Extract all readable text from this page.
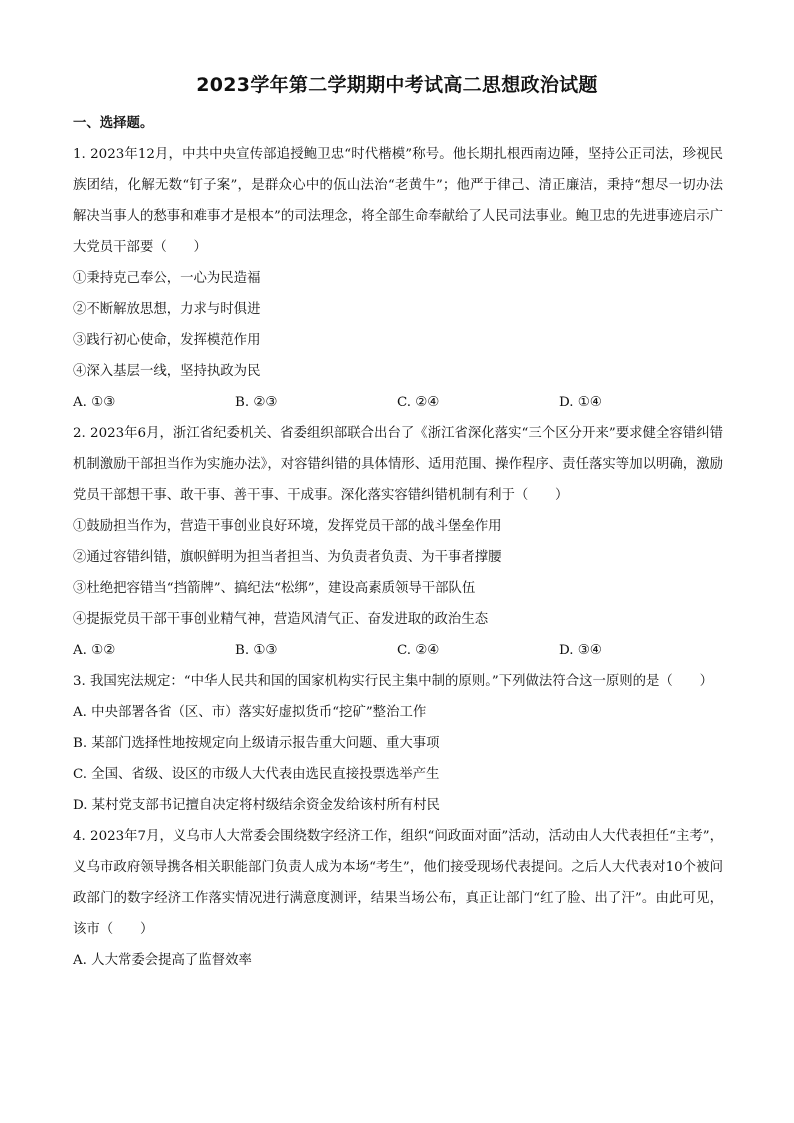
2023学年第二学期期中考试高二思想政治试题
一、选择题。
1. 2023年12月，中共中央宣传部追授鲍卫忠“时代楷模”称号。他长期扎根西南边陲，坚持公正司法，珍视民族团结，化解无数“钉子案”，是群众心中的佤山法治“老黄牛”；他严于律己、清正廉洁，秉持“想尽一切办法解决当事人的愁事和难事才是根本”的司法理念，将全部生命奉献给了人民司法事业。鲍卫忠的先进事迹启示广大党员干部要（　　）
①秉持克己奉公，一心为民造福
②不断解放思想，力求与时俱进
③践行初心使命，发挥模范作用
④深入基层一线，坚持执政为民
A. ①③	B. ②③	C. ②④	D. ①④
2. 2023年6月，浙江省纪委机关、省委组织部联合出台了《浙江省深化落实“三个区分开来”要求健全容错纠错机制激励干部担当作为实施办法》，对容错纠错的具体情形、适用范围、操作程序、责任落实等加以明确，激励党员干部想干事、敢干事、善干事、干成事。深化落实容错纠错机制有利于（　　）
①鼓励担当作为，营造干事创业良好环境，发挥党员干部的战斗堡垒作用
②通过容错纠错，旗帜鲜明为担当者担当、为负责者负责、为干事者撑腰
③杜绝把容错当“挡箭牌”、搞纪法“松绑”，建设高素质领导干部队伍
④提振党员干部干事创业精气神，营造风清气正、奋发进取的政治生态
A. ①②	B. ①③	C. ②④	D. ③④
3. 我国宪法规定：“中华人民共和国的国家机构实行民主集中制的原则。”下列做法符合这一原则的是（　　）
A. 中央部署各省（区、市）落实好虚拟货币“挖矿”整治工作
B. 某部门选择性地按规定向上级请示报告重大问题、重大事项
C. 全国、省级、设区的市级人大代表由选民直接投票选举产生
D. 某村党支部书记擅自决定将村级结余资金发给该村所有村民
4. 2023年7月，义乌市人大常委会围绕数字经济工作，组织“问政面对面”活动，活动由人大代表担任“主考”，义乌市政府领导携各相关职能部门负责人成为本场“考生”，他们接受现场代表提问。之后人大代表对10个被问政部门的数字经济工作落实情况进行满意度测评，结果当场公布，真正让部门“红了脸、出了汗”。由此可见，该市（　　）
A. 人大常委会提高了监督效率
